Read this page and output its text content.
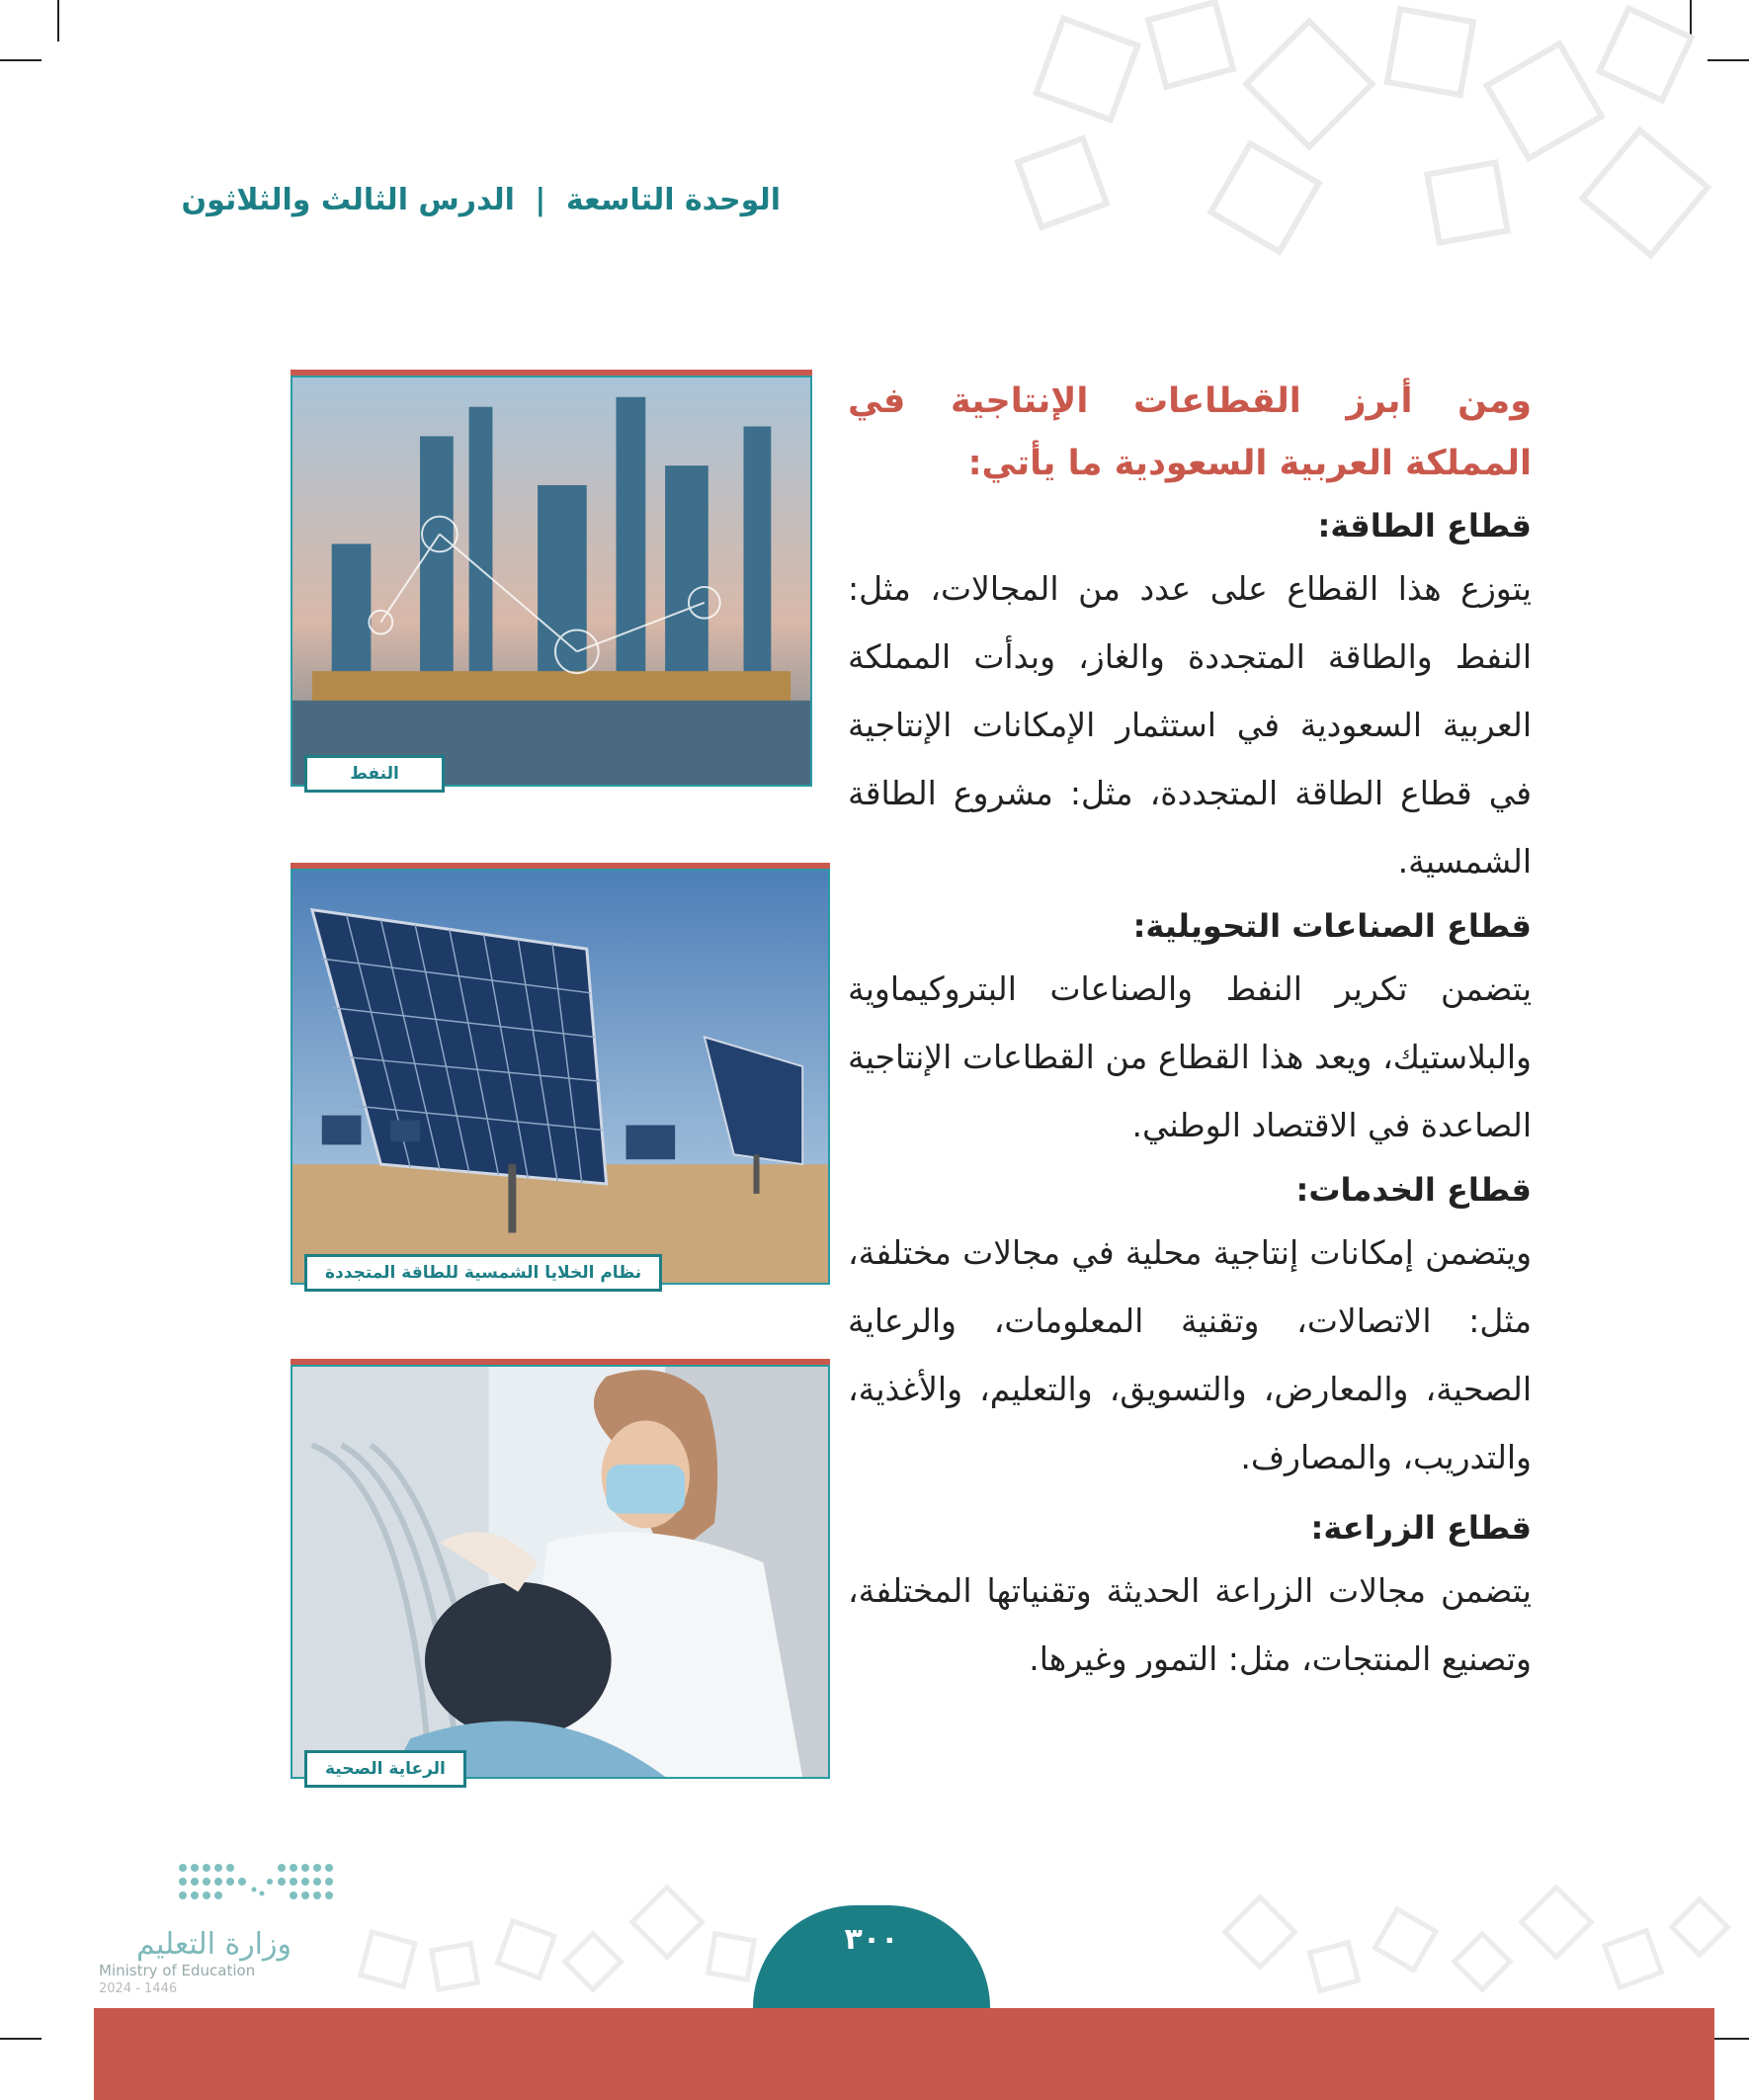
الوحدة التاسعة | الدرس الثالث والثلاثون
النفط
نظام الخلايا الشمسية للطاقة المتجددة
الرعاية الصحية

ومن أبرز القطاعات الإنتاجية في المملكة العربية السعودية ما يأتي:

قطاع الطاقة:

يتوزع هذا القطاع على عدد من المجالات، مثل: النفط والطاقة المتجددة والغاز، وبدأت المملكة العربية السعودية في استثمار الإمكانات الإنتاجية في قطاع الطاقة المتجددة، مثل: مشروع الطاقة الشمسية.

قطاع الصناعات التحويلية:

يتضمن تكرير النفط والصناعات البتروكيماوية والبلاستيك، ويعد هذا القطاع من القطاعات الإنتاجية الصاعدة في الاقتصاد الوطني.

قطاع الخدمات:

ويتضمن إمكانات إنتاجية محلية في مجالات مختلفة، مثل: الاتصالات، وتقنية المعلومات، والرعاية الصحية، والمعارض، والتسويق، والتعليم، والأغذية، والتدريب، والمصارف.

قطاع الزراعة:

يتضمن مجالات الزراعة الحديثة وتقنياتها المختلفة، وتصنيع المنتجات، مثل: التمور وغيرها.

وزارة التعليم
Ministry of Education
2024 - 1446
٣٠٠
